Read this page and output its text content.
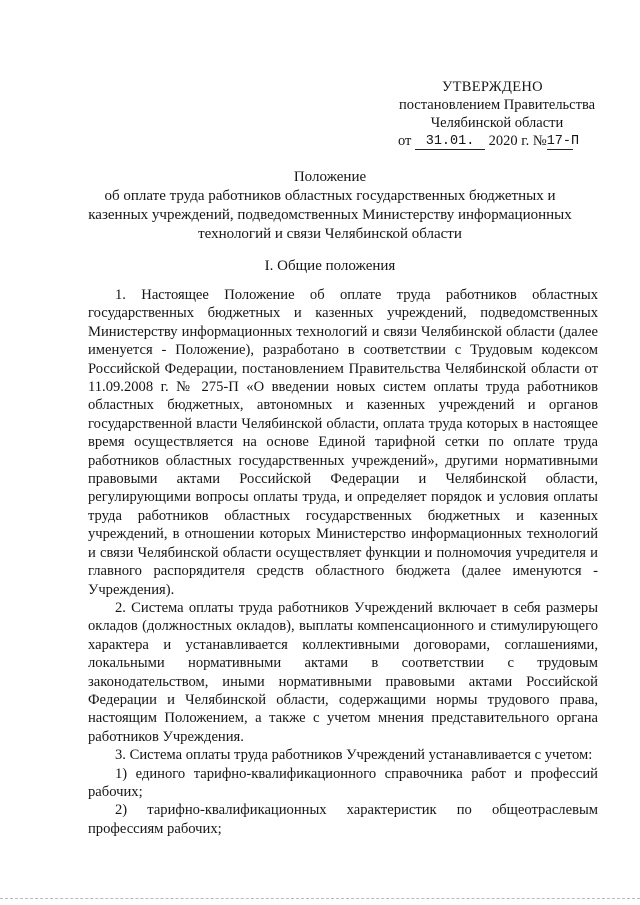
УТВЕРЖДЕНО
постановлением Правительства
Челябинской области
от 31.01. 2020 г. №17-П
Положение
об оплате труда работников областных государственных бюджетных и
казенных учреждений, подведомственных Министерству информационных
технологий и связи Челябинской области
I. Общие положения

1. Настоящее Положение об оплате труда работников областных государственных бюджетных и казенных учреждений, подведомственных Министерству информационных технологий и связи Челябинской области (далее именуется - Положение), разработано в соответствии с Трудовым кодексом Российской Федерации, постановлением Правительства Челябинской области от 11.09.2008 г. № 275-П «О введении новых систем оплаты труда работников областных бюджетных, автономных и казенных учреждений и органов государственной власти Челябинской области, оплата труда которых в настоящее время осуществляется на основе Единой тарифной сетки по оплате труда работников областных государственных учреждений», другими нормативными правовыми актами Российской Федерации и Челябинской области, регулирующими вопросы оплаты труда, и определяет порядок и условия оплаты труда работников областных государственных бюджетных и казенных учреждений, в отношении которых Министерство информационных технологий и связи Челябинской области осуществляет функции и полномочия учредителя и главного распорядителя средств областного бюджета (далее именуются - Учреждения).

2. Система оплаты труда работников Учреждений включает в себя размеры окладов (должностных окладов), выплаты компенсационного и стимулирующего характера и устанавливается коллективными договорами, соглашениями, локальными нормативными актами в соответствии с трудовым законодательством, иными нормативными правовыми актами Российской Федерации и Челябинской области, содержащими нормы трудового права, настоящим Положением, а также с учетом мнения представительного органа работников Учреждения.

3. Система оплаты труда работников Учреждений устанавливается с учетом:

1) единого тарифно-квалификационного справочника работ и профессий рабочих;

2) тарифно-квалификационных характеристик по общеотраслевым профессиям рабочих;
